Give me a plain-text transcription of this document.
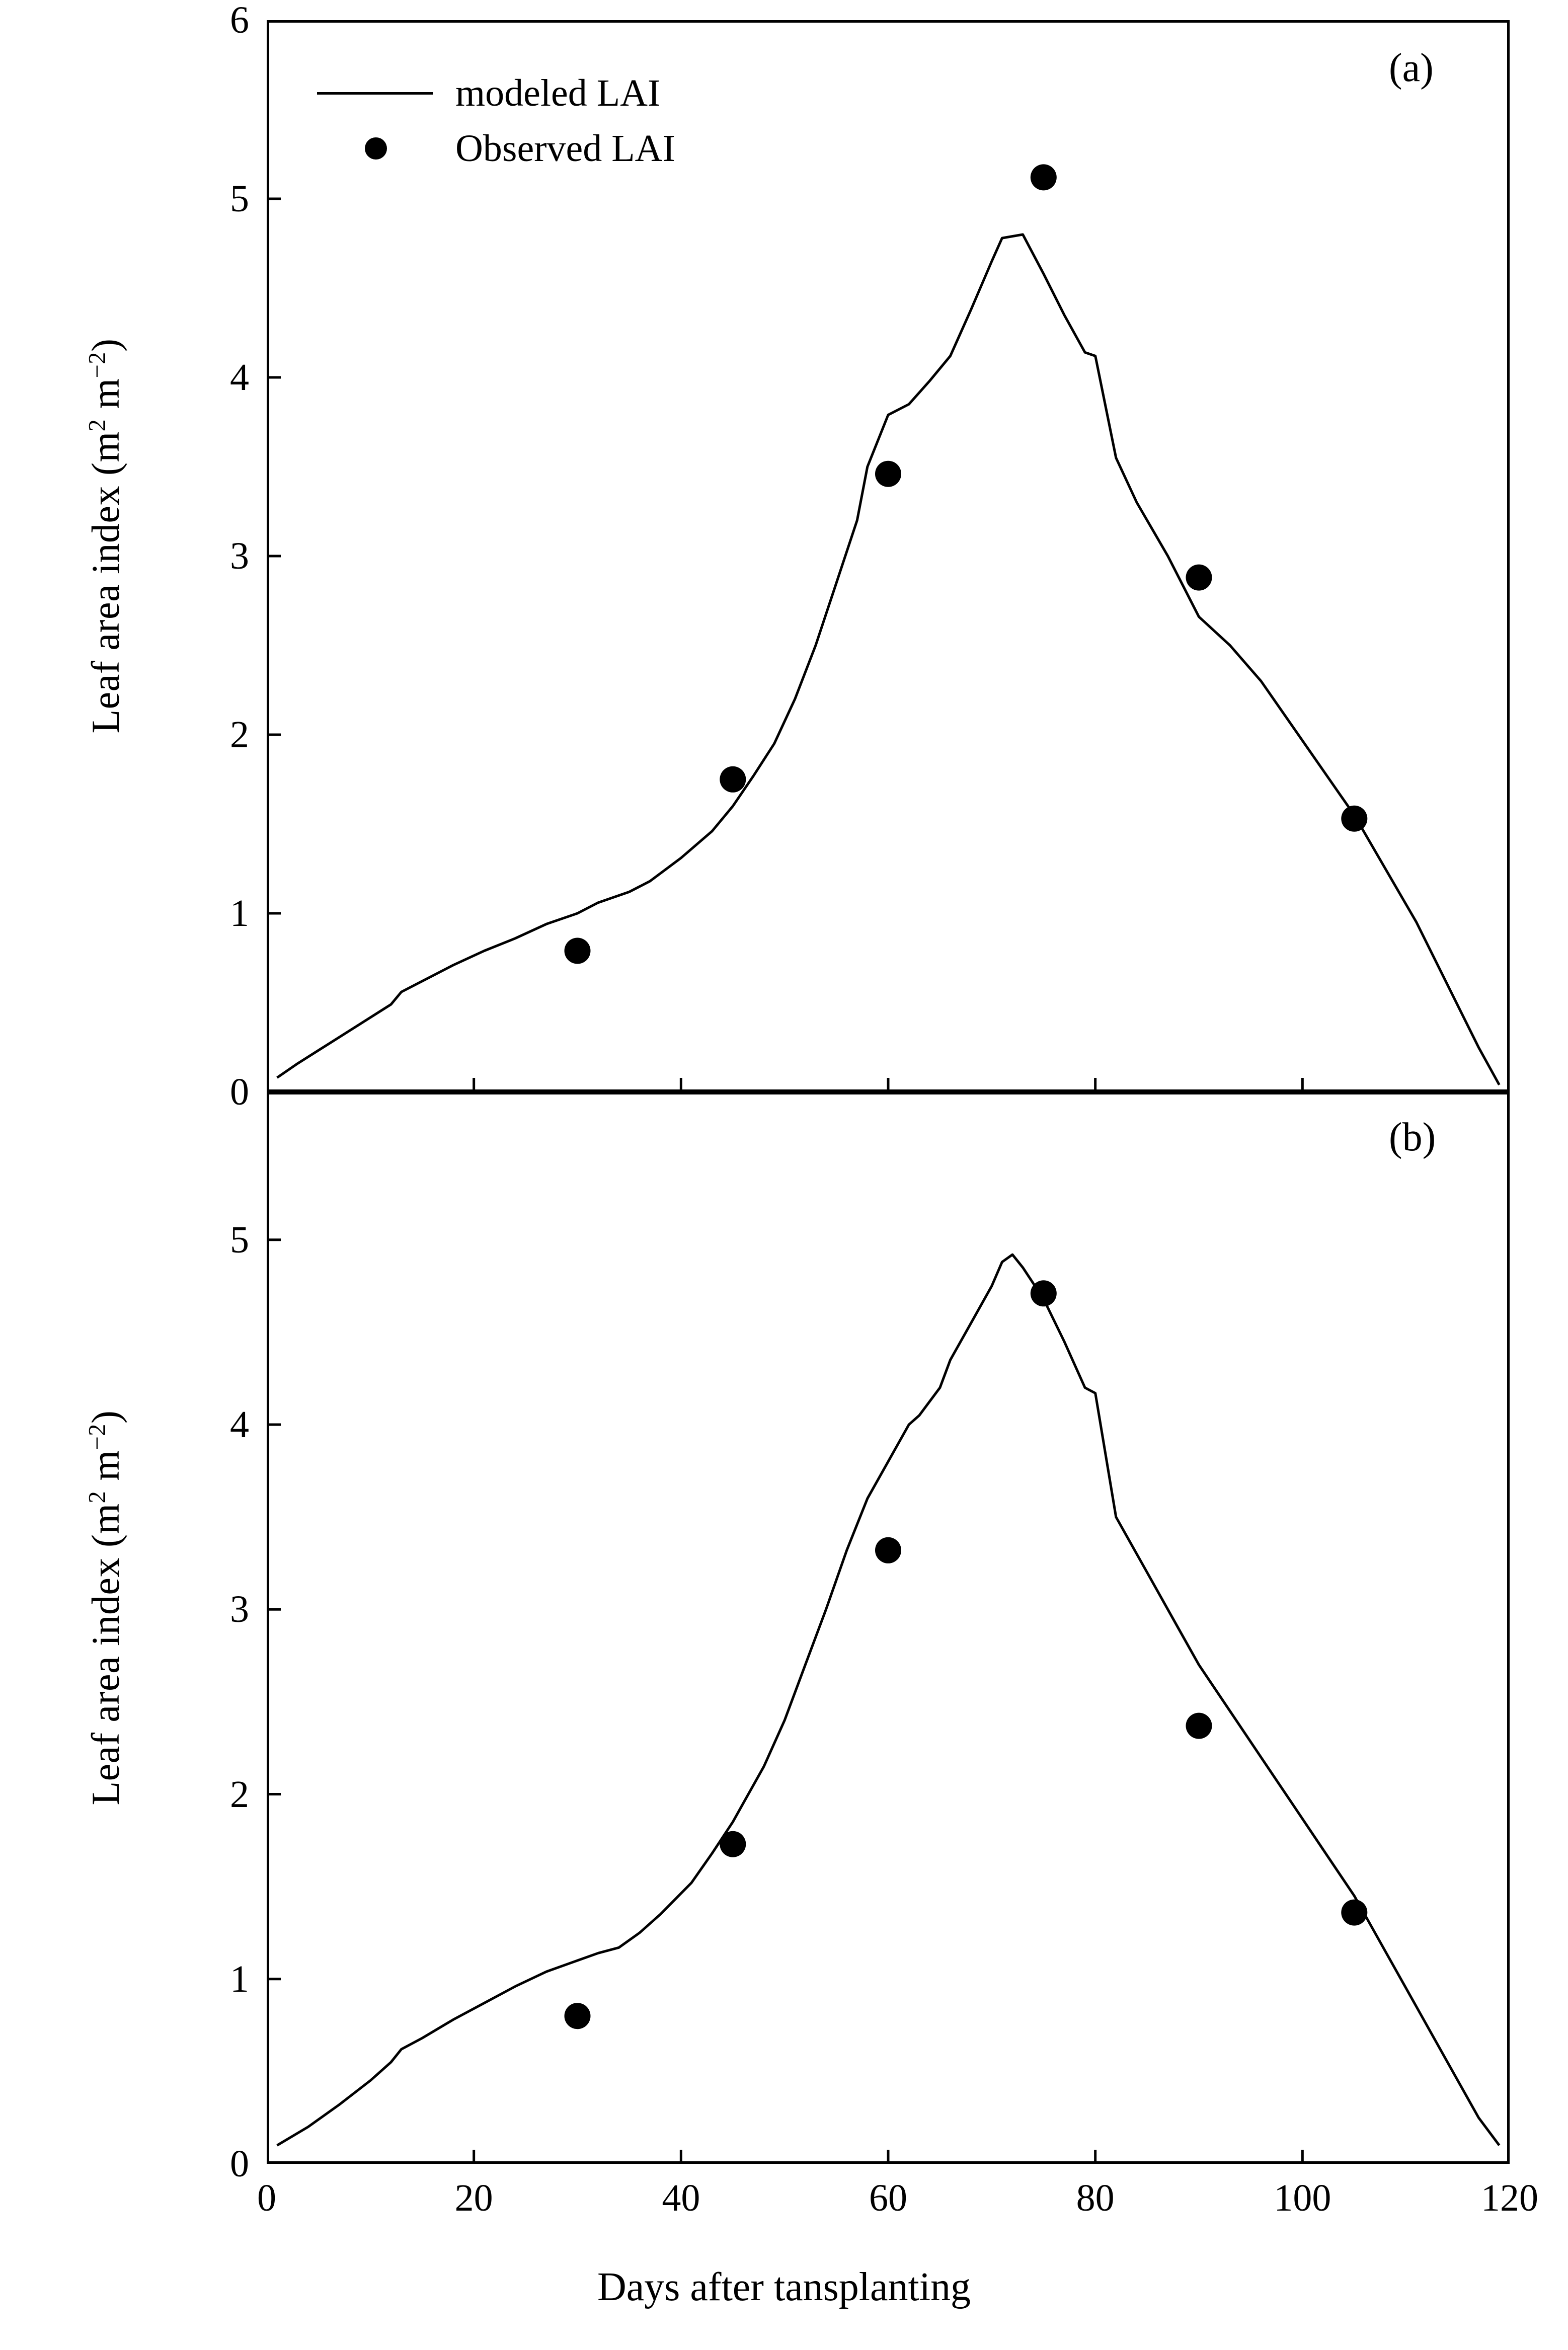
0
1
2
3
4
5
6
0
1
2
3
4
5
0	20	40	60	80	100	120
Leaf area index ($m^2$ $m^{-2}$)
Leaf area index ($m^2$ $m^{-2}$)
Days after tansplanting
(a)
(b)
modeled LAI
Observed LAI
